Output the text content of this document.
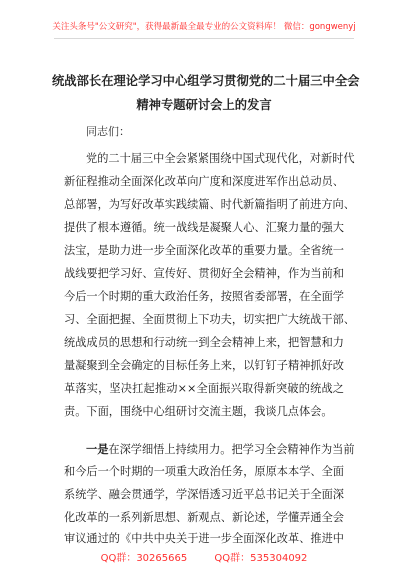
关注头条号"公文研究"，获得最新最全最专业的公文资料库！ 微信：gongwenyj
统战部长在理论学习中心组学习贯彻党的二十届三中全会
精神专题研讨会上的发言
同志们：
党的二十届三中全会紧紧围绕中国式现代化，对新时代
新征程推动全面深化改革向广度和深度进军作出总动员、
总部署，为写好改革实践续篇、时代新篇指明了前进方向、
提供了根本遵循。统一战线是凝聚人心、汇聚力量的强大
法宝，是助力进一步全面深化改革的重要力量。全省统一
战线要把学习好、宣传好、贯彻好全会精神，作为当前和
今后一个时期的重大政治任务，按照省委部署，在全面学
习、全面把握、全面贯彻上下功夫，切实把广大统战干部、
统战成员的思想和行动统一到全会精神上来，把智慧和力
量凝聚到全会确定的目标任务上来，以钉钉子精神抓好改
革落实，坚决扛起推动××全面振兴取得新突破的统战之
责。下面，围绕中心组研讨交流主题，我谈几点体会。
一是在深学细悟上持续用力。把学习全会精神作为当前
和今后一个时期的一项重大政治任务，原原本本学、全面
系统学、融会贯通学，学深悟透习近平总书记关于全面深
化改革的一系列新思想、新观点、新论述，学懂弄通全会
审议通过的《中共中央关于进一步全面深化改革、推进中
QQ群：30265665	QQ群：535304092
